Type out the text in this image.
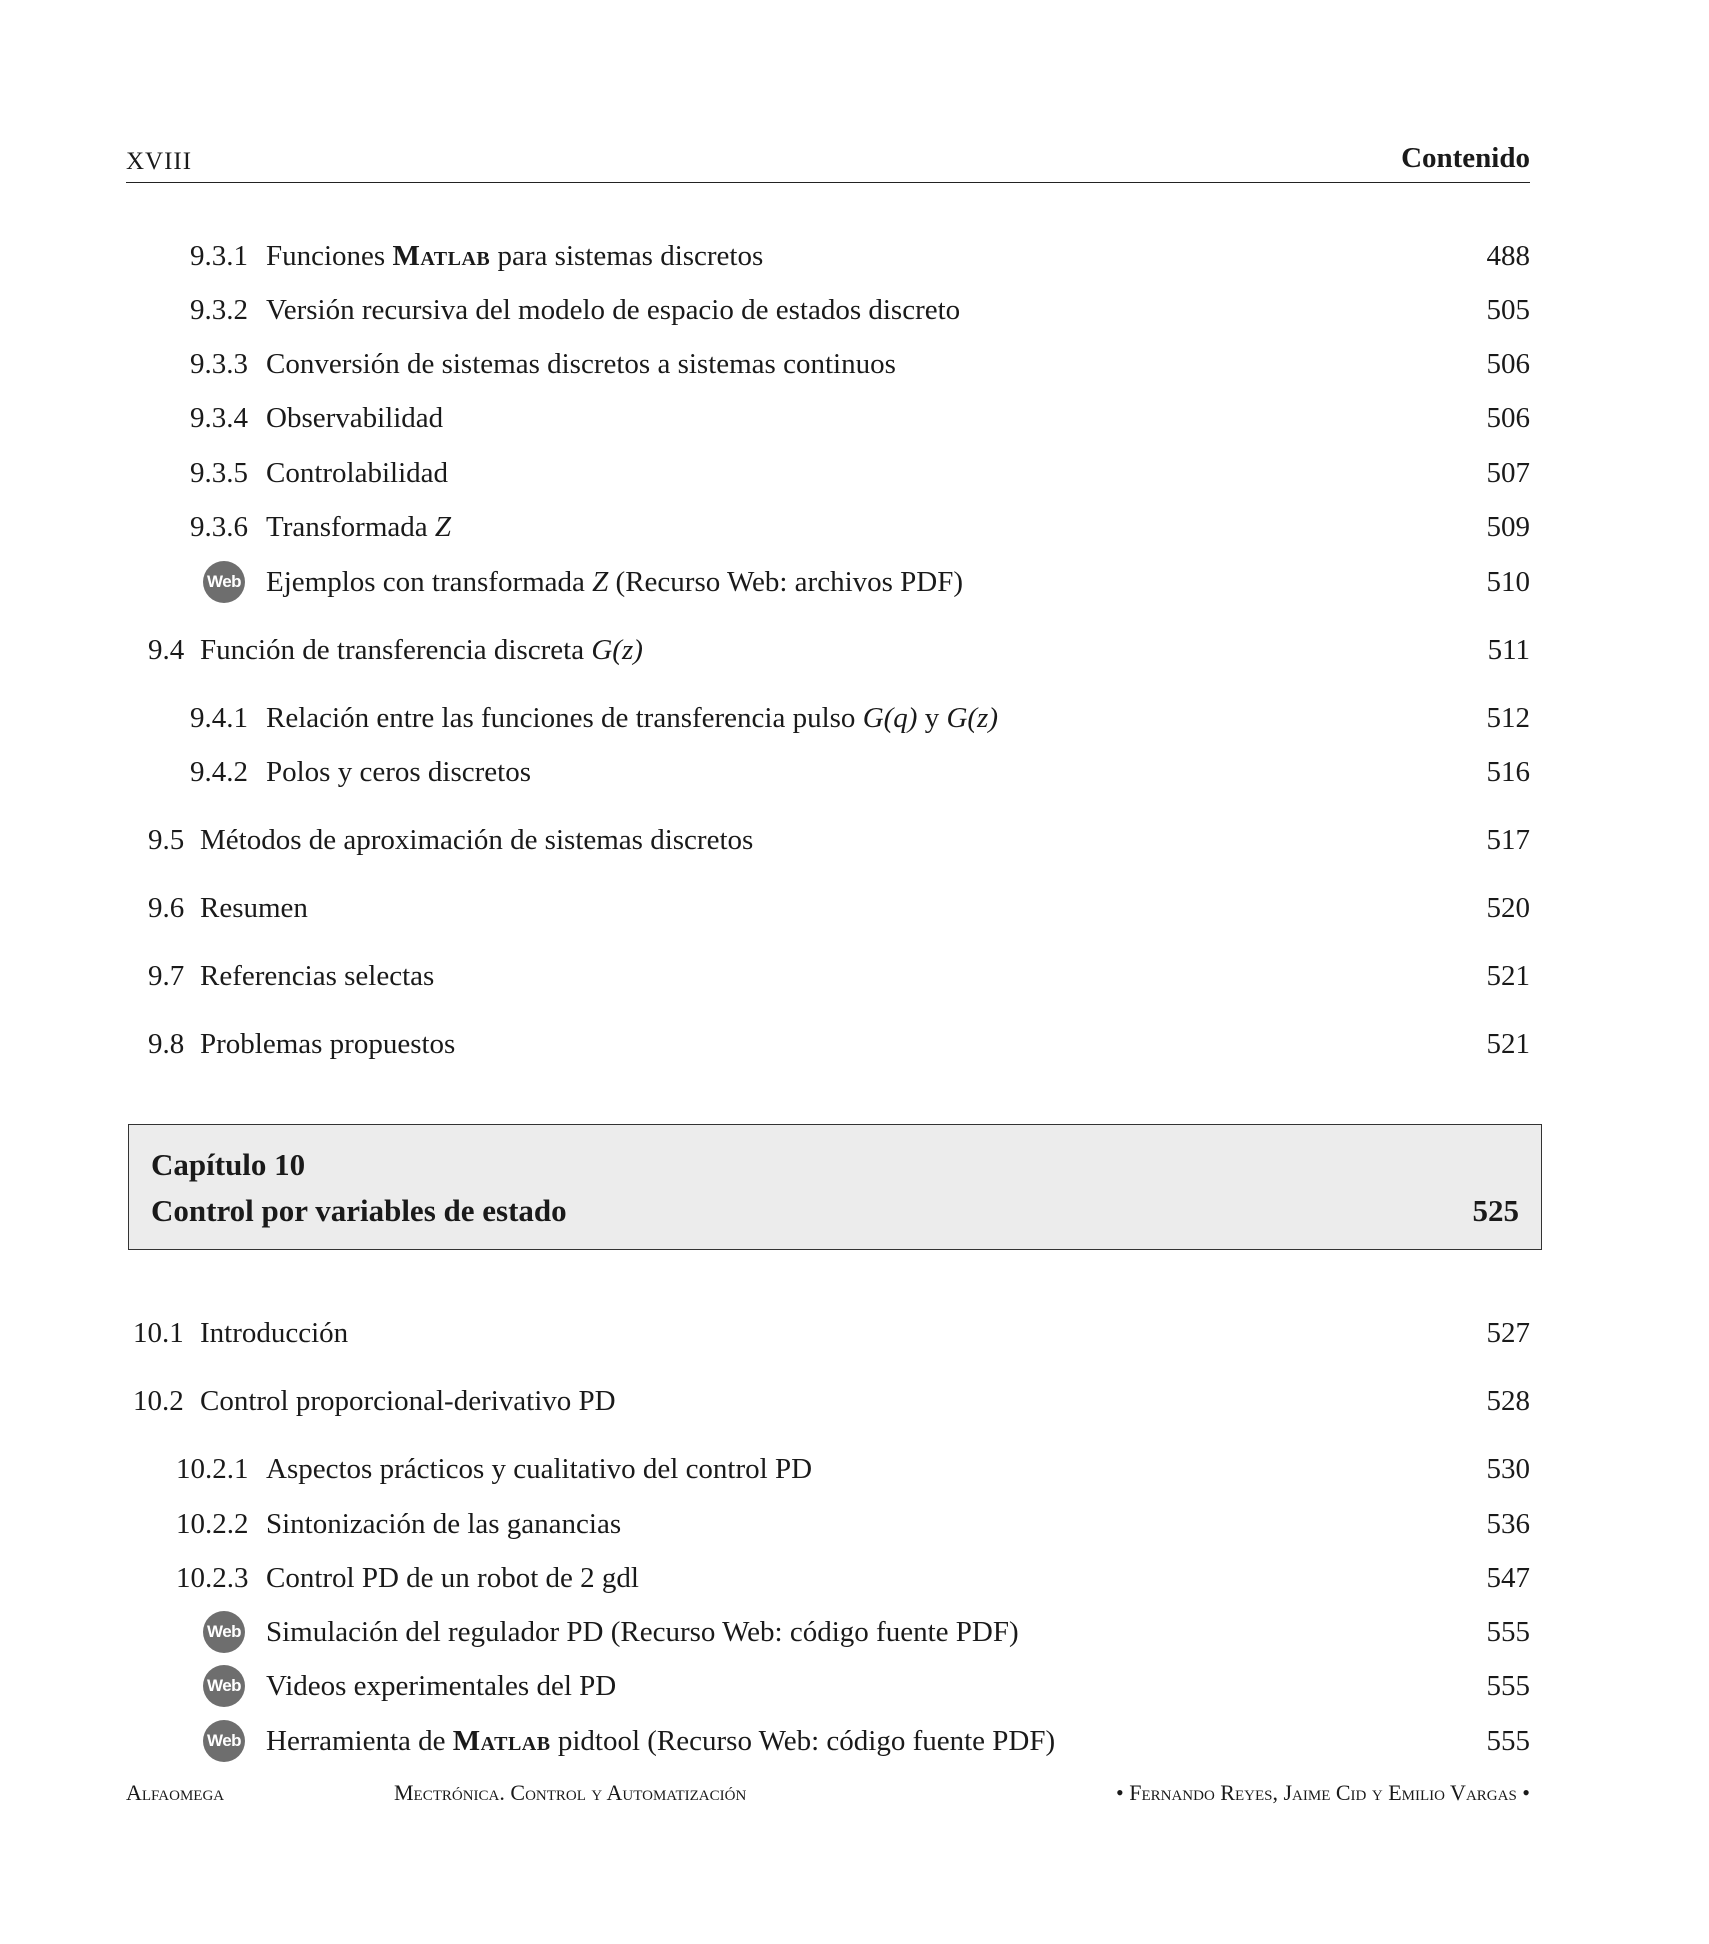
XVIII	Contenido
9.3.1 Funciones Matlab para sistemas discretos	488
9.3.2 Versión recursiva del modelo de espacio de estados discreto	505
9.3.3 Conversión de sistemas discretos a sistemas continuos	506
9.3.4 Observabilidad	506
9.3.5 Controlabilidad	507
9.3.6 Transformada Z	509
Web Ejemplos con transformada Z (Recurso Web: archivos PDF)	510
9.4 Función de transferencia discreta G(z)	511
9.4.1 Relación entre las funciones de transferencia pulso G(q) y G(z)	512
9.4.2 Polos y ceros discretos	516
9.5 Métodos de aproximación de sistemas discretos	517
9.6 Resumen	520
9.7 Referencias selectas	521
9.8 Problemas propuestos	521
Capítulo 10
Control por variables de estado	525
10.1 Introducción	527
10.2 Control proporcional-derivativo PD	528
10.2.1 Aspectos prácticos y cualitativo del control PD	530
10.2.2 Sintonización de las ganancias	536
10.2.3 Control PD de un robot de 2 gdl	547
Web Simulación del regulador PD (Recurso Web: código fuente PDF)	555
Web Videos experimentales del PD	555
Web Herramienta de Matlab pidtool (Recurso Web: código fuente PDF)	555
Alfaomega	Mectrónica. Control y Automatización	• Fernando Reyes, Jaime Cid y Emilio Vargas •
